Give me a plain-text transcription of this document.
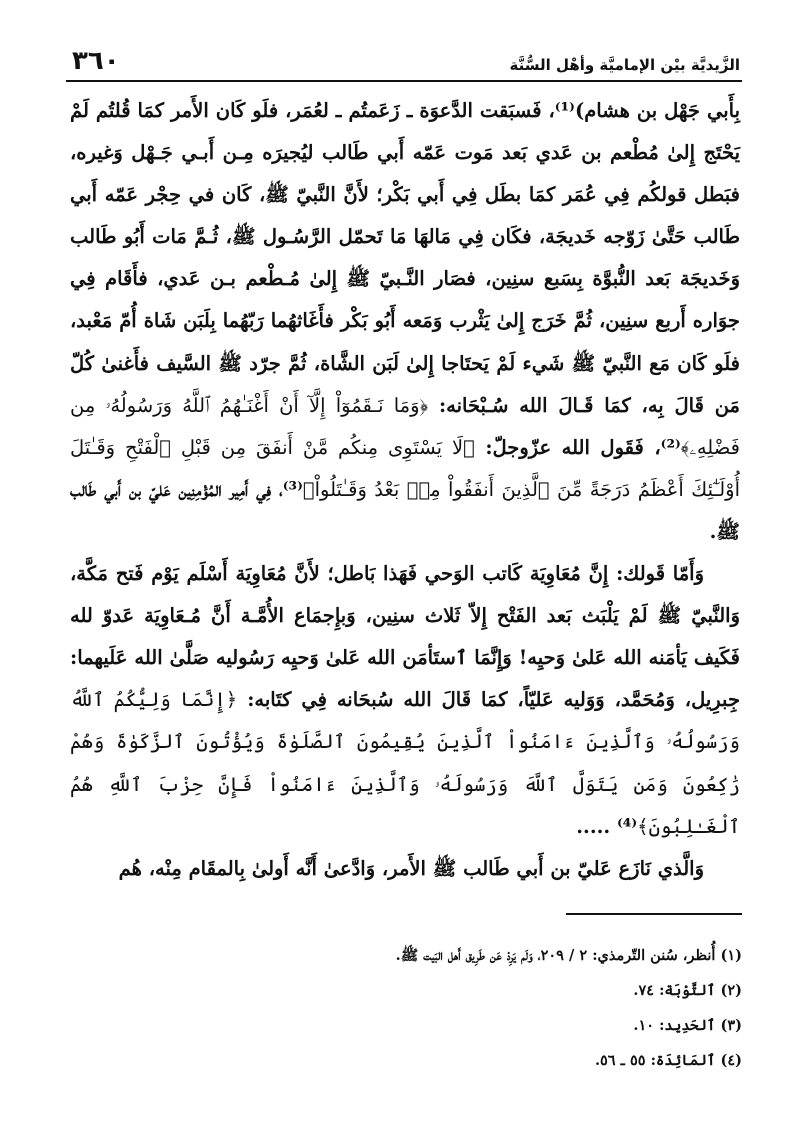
الزَّيديَّة بيْن الإماميَّة وأهْل السُّنَّة
٣٦٠

بِأَبي جَهْل بن هشام)⁽¹⁾، فَسبَقت الدَّعوَة ـ زَعَمتُم ـ لعُمَر، فلَو كَان الأَمر كمَا قُلتُم لَمْ يَحْتَج إِلىٰ مُطْعم بن عَدي بَعد مَوت عَمّه أَبي طَالب ليُجيرَه مِـن أَبـي جَـهْل وَغيره، فبَطل قولكُم فِي عُمَر كمَا بطَل فِي أَبي بَكْر؛ لأَنَّ النَّبيّ ﷺ، كَان في حِجْر عَمّه أَبي طَالب حَتَّىٰ زَوّجه خَديجَة، فكَان فِي مَالهَا مَا تَحمّل الرَّسُـول ﷺ، ثُـمَّ مَات أَبُو طَالب وَخَديجَة بَعد النُّبوَّة بِسَبع سنِين، فصَار النَّـبيّ ﷺ إِلىٰ مُـطْعم بـن عَدي، فأَقَام فِي جوَاره أَربع سنِين، ثُمَّ خَرَج إِلىٰ يَثْرب وَمَعه أَبُو بَكْر فأَغَاثهُما رَبّهُما بِلَبَن شَاة أُمّ مَعْبد، فلَو كَان مَع النَّبيّ ﷺ شَيء لَمْ يَحتَاجا إِلىٰ لَبَن الشَّاة، ثُمَّ جرّد ﷺ السَّيف فأَغنىٰ كُلّ مَن قَالَ بِه، كمَا قَـالَ الله سُـبْحَانه: ﴿وَمَا نَـقَمُوٓاْ إِلَّآ أَنْ أَغْنَـٰهُمُ ٱللَّهُ وَرَسُولُهُۥ مِن فَضْلِهِۦ﴾⁽²⁾، فَقَول الله عزّوجلّ: ﴿لَا يَسْتَوِى مِنكُم مَّنْ أَنفَقَ مِن قَبْلِ ٱلْفَتْحِ وَقَـٰتَلَ أُوْلَـٰٓئِكَ أَعْظَمُ دَرَجَةً مِّنَ ٱلَّذِينَ أَنفَقُواْ مِنۢ بَعْدُ وَقَـٰتَلُواْ﴾⁽³⁾، فِي أَمِير المُؤْمِنِين عَليّ بن أَبي طَالب ﷺ.

وَأَمّا قَولك: إِنَّ مُعَاوِيَة كَاتب الوَحي فَهَذا بَاطل؛ لأَنَّ مُعَاوِيَة أَسْلَم يَوْم فَتح مَكَّة، وَالنَّبيّ ﷺ لَمْ يَلْبَث بَعد الفَتْح إِلاّ ثَلاث سنِين، وَبإِجمَاع الأُمَّـة أَنَّ مُـعَاوِيَة عَدوّ لله فَكَيف يَأمَنه الله عَلىٰ وَحيِه! وَإِنَّمَا ٱستَأمَن الله عَلىٰ وَحيِه رَسُوليه صَلَّىٰ الله عَلَيهما: جِبرِيل، وَمُحَمَّد، وَوَليه عَليّاً، كمَا قَالَ الله سُبحَانه فِي كتَابه: ﴿إِنَّمَا وَلِيُّكُمُ ٱللَّهُ وَرَسُولُهُۥ وَٱلَّذِينَ ءَامَنُواْ ٱلَّذِينَ يُقِيمُونَ ٱلصَّلَوٰةَ وَيُؤْتُونَ ٱلزَّكَوٰةَ وَهُمْ رَٰكِعُونَ وَمَن يَتَوَلَّ ٱللَّهَ وَرَسُولَهُۥ وَٱلَّذِينَ ءَامَنُواْ فَإِنَّ حِزْبَ ٱللَّهِ هُمُ ٱلْغَـٰلِبُونَ﴾⁽⁴⁾ .....

وَالَّذي نَازَع عَليّ بن أَبي طَالب ﷺ الأَمر، وَادَّعىٰ أَنَّه أَولىٰ بِالمقَام مِنْه، هُم

(١) أُنظر، سُنن التّرمذي: ٢ / ٢٠٩، وَلَم يَرِدْ عَن طَرِيق أَهل البَيت ﷺ.
(٢) ٱلتَّوْبَة: ٧٤.
(٣) ٱلحَدِيد: ١٠.
(٤) ٱلمَائِدَة: ٥٥ ـ ٥٦.
